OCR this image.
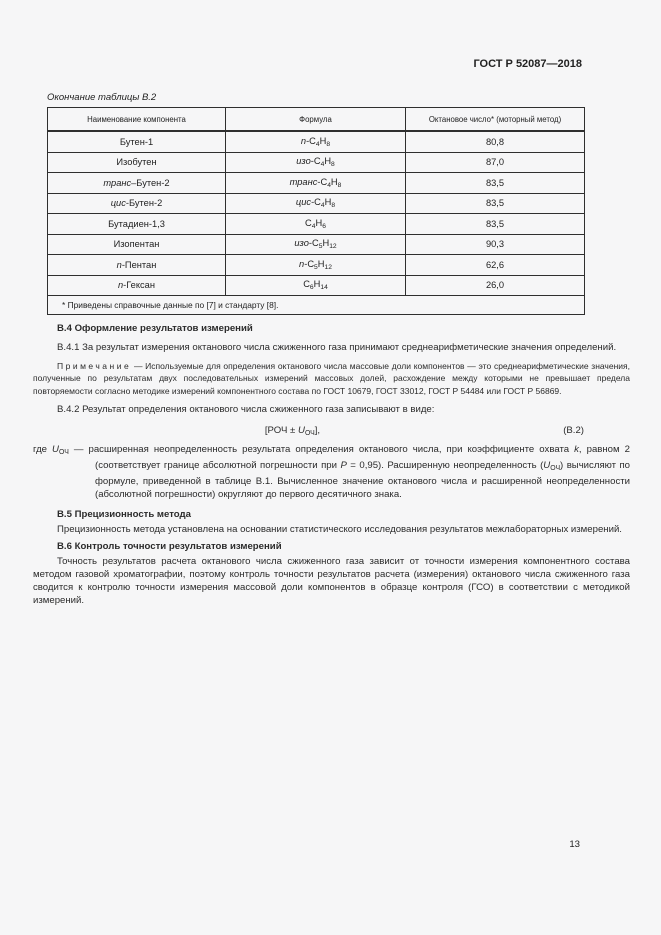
ГОСТ Р 52087—2018
Окончание таблицы В.2
Наименование компонента	Формула	Октановое число* (моторный метод)
Бутен-1	$n-C_4H_8$	80,8
Изобутен	изо-$C_4H_8$	87,0
транс–Бутен-2	транс-$C_4H_8$	83,5
цис-Бутен-2	цис-$C_4H_8$	83,5
Бутадиен-1,3	$C_4H_6$	83,5
Изопентан	изо-$C_5H_{12}$	90,3
n-Пентан	$n-C_5H_{12}$	62,6
n-Гексан	$C_6H_{14}$	26,0
* Приведены справочные данные по [7] и стандарту [8].		

В.4 Оформление результатов измерений

В.4.1 За результат измерения октанового числа сжиженного газа принимают среднеарифметические значения определений.

Примечание — Используемые для определения октанового числа массовые доли компонентов — это среднеарифметические значения, полученные по результатам двух последовательных измерений массовых долей, расхождение между которыми не превышает предела повторяемости согласно методике измерений компонентного состава по ГОСТ 10679, ГОСТ 33012, ГОСТ Р 54484 или ГОСТ Р 56869.

В.4.2 Результат определения октанового числа сжиженного газа записывают в виде:

$[РОЧ \pm U_{ОЧ}]$,	(В.2)

где $U_{ОЧ}$ — расширенная неопределенность результата определения октанового числа, при коэффициенте охвата k, равном 2 (соответствует границе абсолютной погрешности при P = 0,95). Расширенную неопределенность $(U_{ОЧ})$ вычисляют по формуле, приведенной в таблице В.1. Вычисленное значение октанового числа и расширенной неопределенности (абсолютной погрешности) округляют до первого десятичного знака.

В.5 Прецизионность метода

Прецизионность метода установлена на основании статистического исследования результатов межлабораторных измерений.

В.6 Контроль точности результатов измерений

Точность результатов расчета октанового числа сжиженного газа зависит от точности измерения компонентного состава методом газовой хроматографии, поэтому контроль точности результатов расчета (измерения) октанового числа сжиженного газа сводится к контролю точности измерения массовой доли компонентов в образце контроля (ГСО) в соответствии с методикой измерений.

13
